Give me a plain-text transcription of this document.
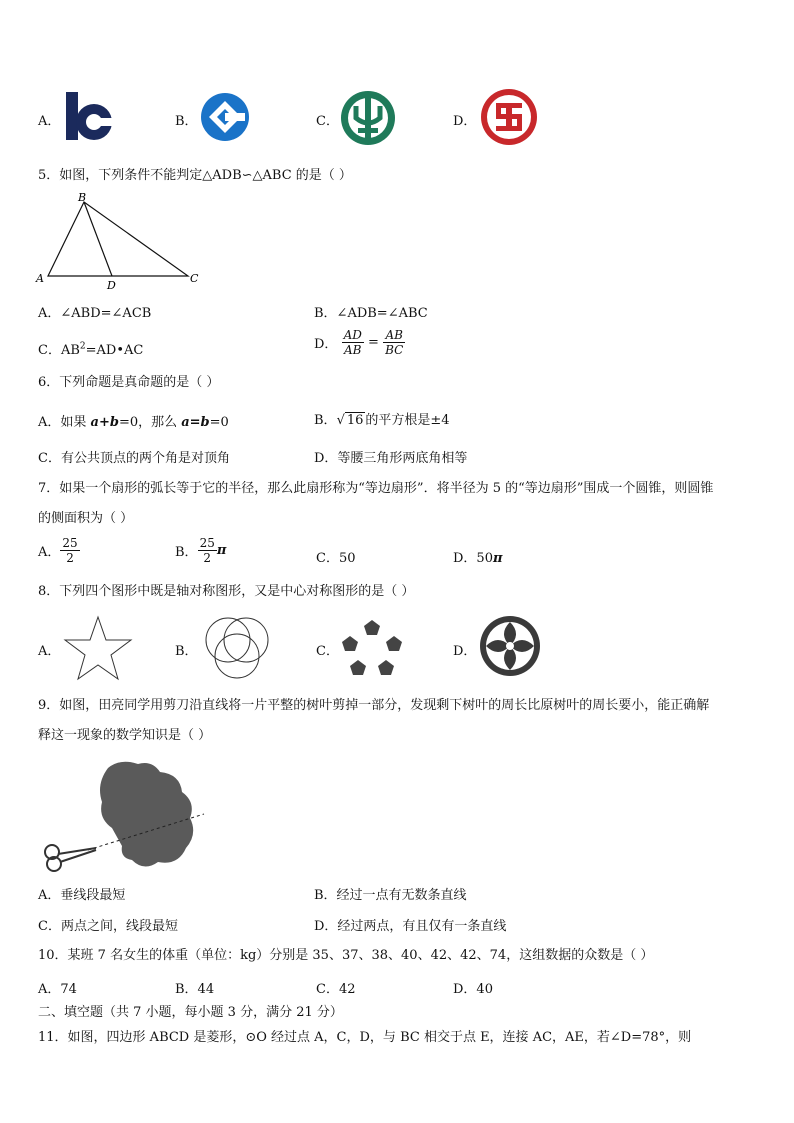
A．	B．	C．	D．
5．如图，下列条件不能判定△ADB∽△ABC 的是（ ）
B
A
D
C
A．∠ABD=∠ACB	B．∠ADB=∠ABC
C．$AB^2=AD•AC$	D． $\frac{AD}{AB} = \frac{AB}{BC}$
6．下列命题是真命题的是（ ）
A．如果 a+b=0，那么 a=b=0	B．√ 16 的平方根是±4
C．有公共顶点的两个角是对顶角	D．等腰三角形两底角相等
7．如果一个扇形的弧长等于它的半径，那么此扇形称为“等边扇形”．将半径为 5 的“等边扇形”围成一个圆锥，则圆锥
的侧面积为（ ）
A． $\frac{25}{2}$	B． $\frac{25}{2}$ π
C．50	D．50π
8．下列四个图形中既是轴对称图形，又是中心对称图形的是（ ）
A．	B．	C．	D．
9．如图，田亮同学用剪刀沿直线将一片平整的树叶剪掉一部分，发现剩下树叶的周长比原树叶的周长要小，能正确解
释这一现象的数学知识是（ ）
A．垂线段最短	B．经过一点有无数条直线
C．两点之间，线段最短	D．经过两点，有且仅有一条直线
10．某班 7 名女生的体重（单位：kg）分别是 35、37、38、40、42、42、74，这组数据的众数是（ ）
A．74	B．44	C．42	D．40
二、填空题（共 7 小题，每小题 3 分，满分 21 分）
11．如图，四边形 ABCD 是菱形，⊙O 经过点 A，C，D，与 BC 相交于点 E，连接 AC，AE，若∠D=78°，则
